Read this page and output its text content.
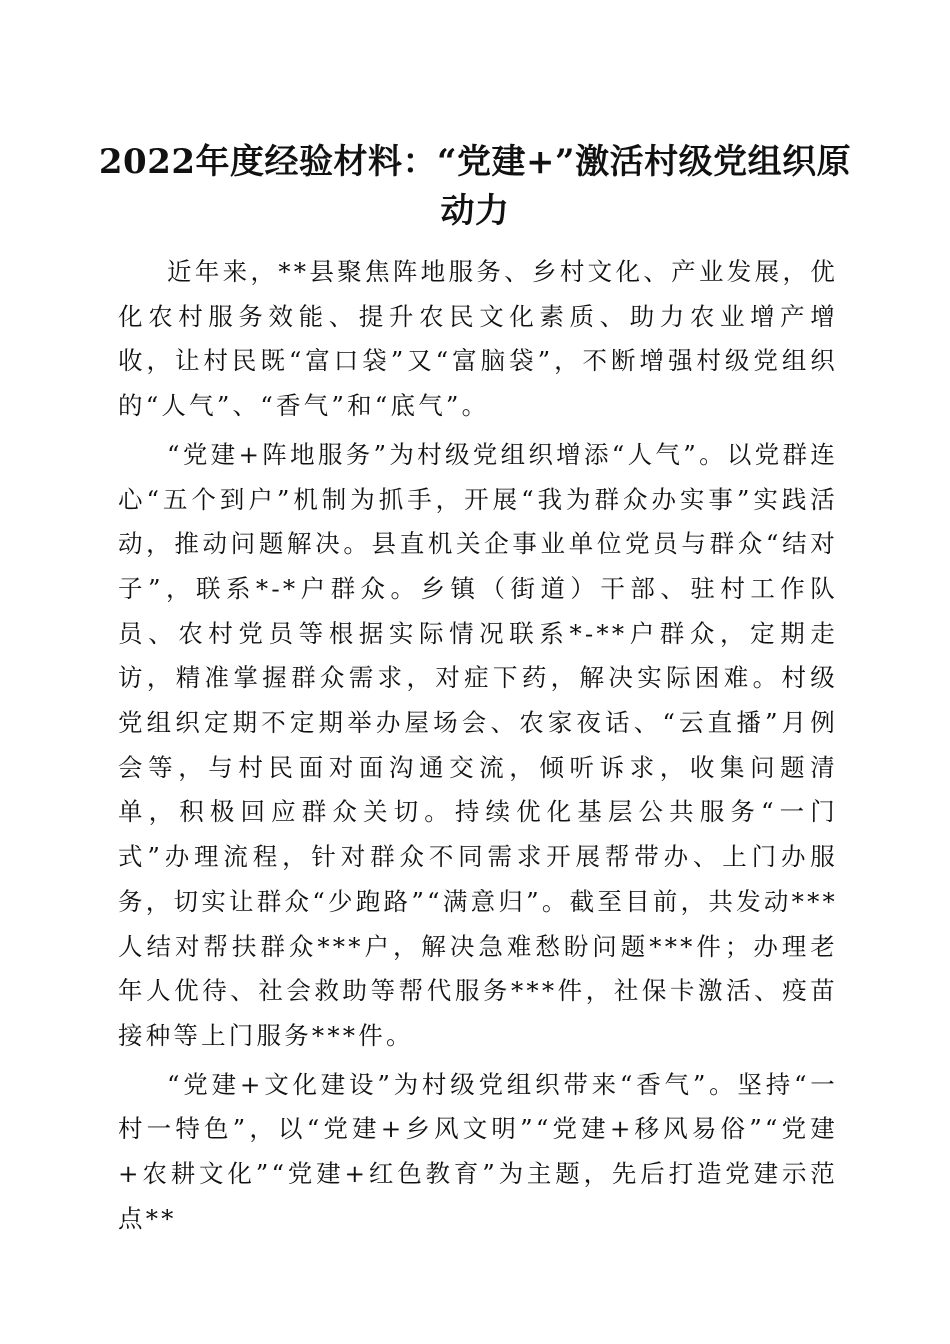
2022年度经验材料：“党建+”激活村级党组织原动力

近年来，**县聚焦阵地服务、乡村文化、产业发展，优化农村服务效能、提升农民文化素质、助力农业增产增收，让村民既“富口袋”又“富脑袋”，不断增强村级党组织的“人气”、“香气”和“底气”。

“党建+阵地服务”为村级党组织增添“人气”。以党群连心“五个到户”机制为抓手，开展“我为群众办实事”实践活动，推动问题解决。县直机关企事业单位党员与群众“结对子”，联系*-*户群众。乡镇（街道）干部、驻村工作队员、农村党员等根据实际情况联系*-**户群众，定期走访，精准掌握群众需求，对症下药，解决实际困难。村级党组织定期不定期举办屋场会、农家夜话、“云直播”月例会等，与村民面对面沟通交流，倾听诉求，收集问题清单，积极回应群众关切。持续优化基层公共服务“一门式”办理流程，针对群众不同需求开展帮带办、上门办服务，切实让群众“少跑路”“满意归”。截至目前，共发动***人结对帮扶群众***户，解决急难愁盼问题***件；办理老年人优待、社会救助等帮代服务***件，社保卡激活、疫苗接种等上门服务***件。

“党建+文化建设”为村级党组织带来“香气”。坚持“一村一特色”，以“党建+乡风文明”“党建+移风易俗”“党建+农耕文化”“党建+红色教育”为主题，先后打造党建示范点**
